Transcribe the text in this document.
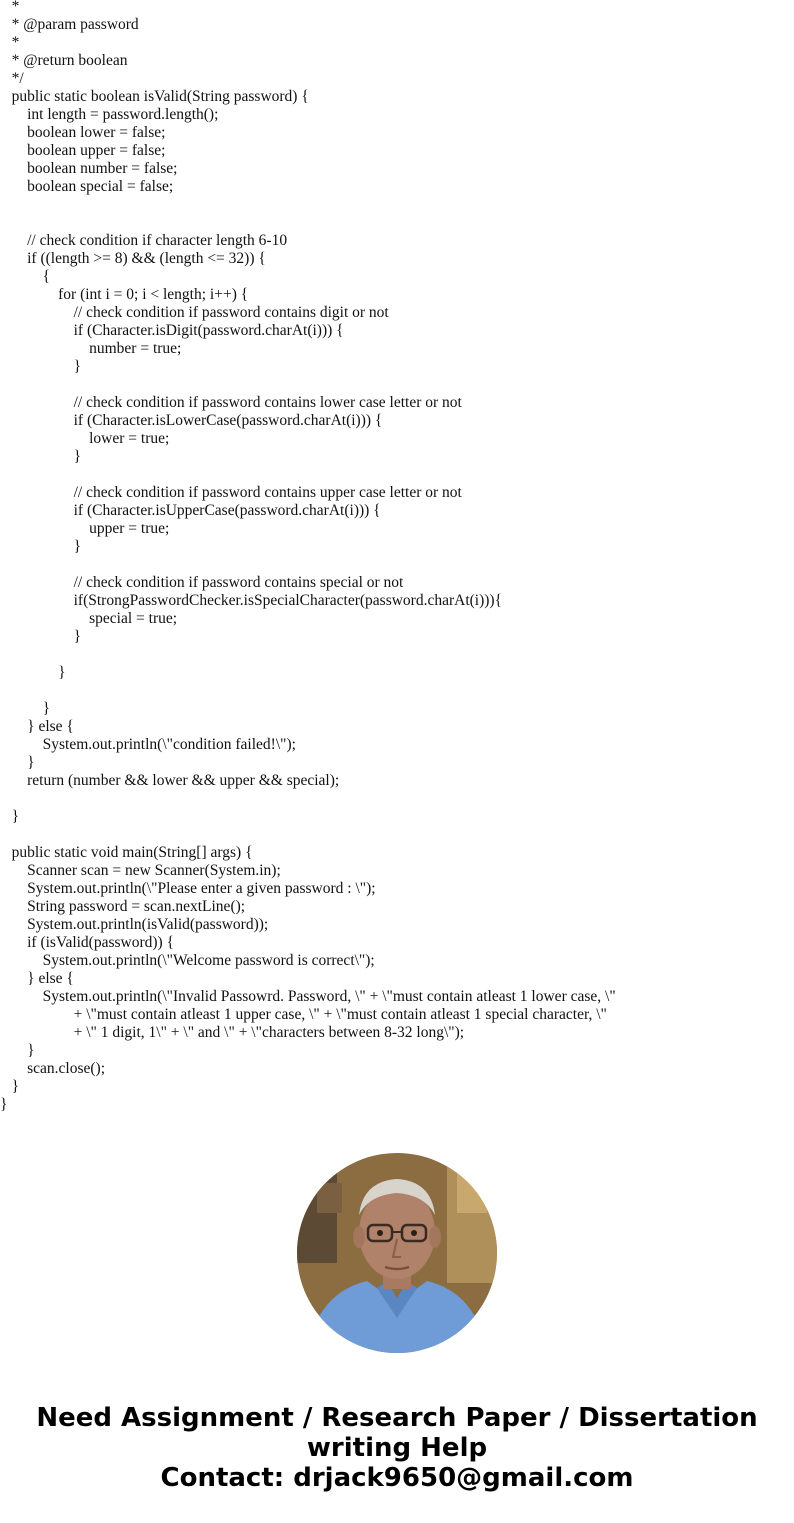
*
* @param password
*
* @return boolean
*/
public static boolean isValid(String password) {
int length = password.length();
boolean lower = false;
boolean upper = false;
boolean number = false;
boolean special = false;
// check condition if character length 6-10
if ((length >= 8) && (length <= 32)) {
{
for (int i = 0; i < length; i++) {
// check condition if password contains digit or not
if (Character.isDigit(password.charAt(i))) {
number = true;
}
// check condition if password contains lower case letter or not
if (Character.isLowerCase(password.charAt(i))) {
lower = true;
}
// check condition if password contains upper case letter or not
if (Character.isUpperCase(password.charAt(i))) {
upper = true;
}
// check condition if password contains special or not
if(StrongPasswordChecker.isSpecialCharacter(password.charAt(i))){
special = true;
}
}
}
} else {
System.out.println(\"condition failed!\");
}
return (number && lower && upper && special);
}
public static void main(String[] args) {
Scanner scan = new Scanner(System.in);
System.out.println(\"Please enter a given password : \");
String password = scan.nextLine();
System.out.println(isValid(password));
if (isValid(password)) {
System.out.println(\"Welcome password is correct\");
} else {
System.out.println(\"Invalid Passowrd. Password, \" + \"must contain atleast 1 lower case, \"
+ \"must contain atleast 1 upper case, \" + \"must contain atleast 1 special character, \"
+ \" 1 digit, 1\" + \" and \" + \"characters between 8-32 long\");
}
scan.close();
}
}
Need Assignment / Research Paper / Dissertation
writing Help
Contact: drjack9650@gmail.com
